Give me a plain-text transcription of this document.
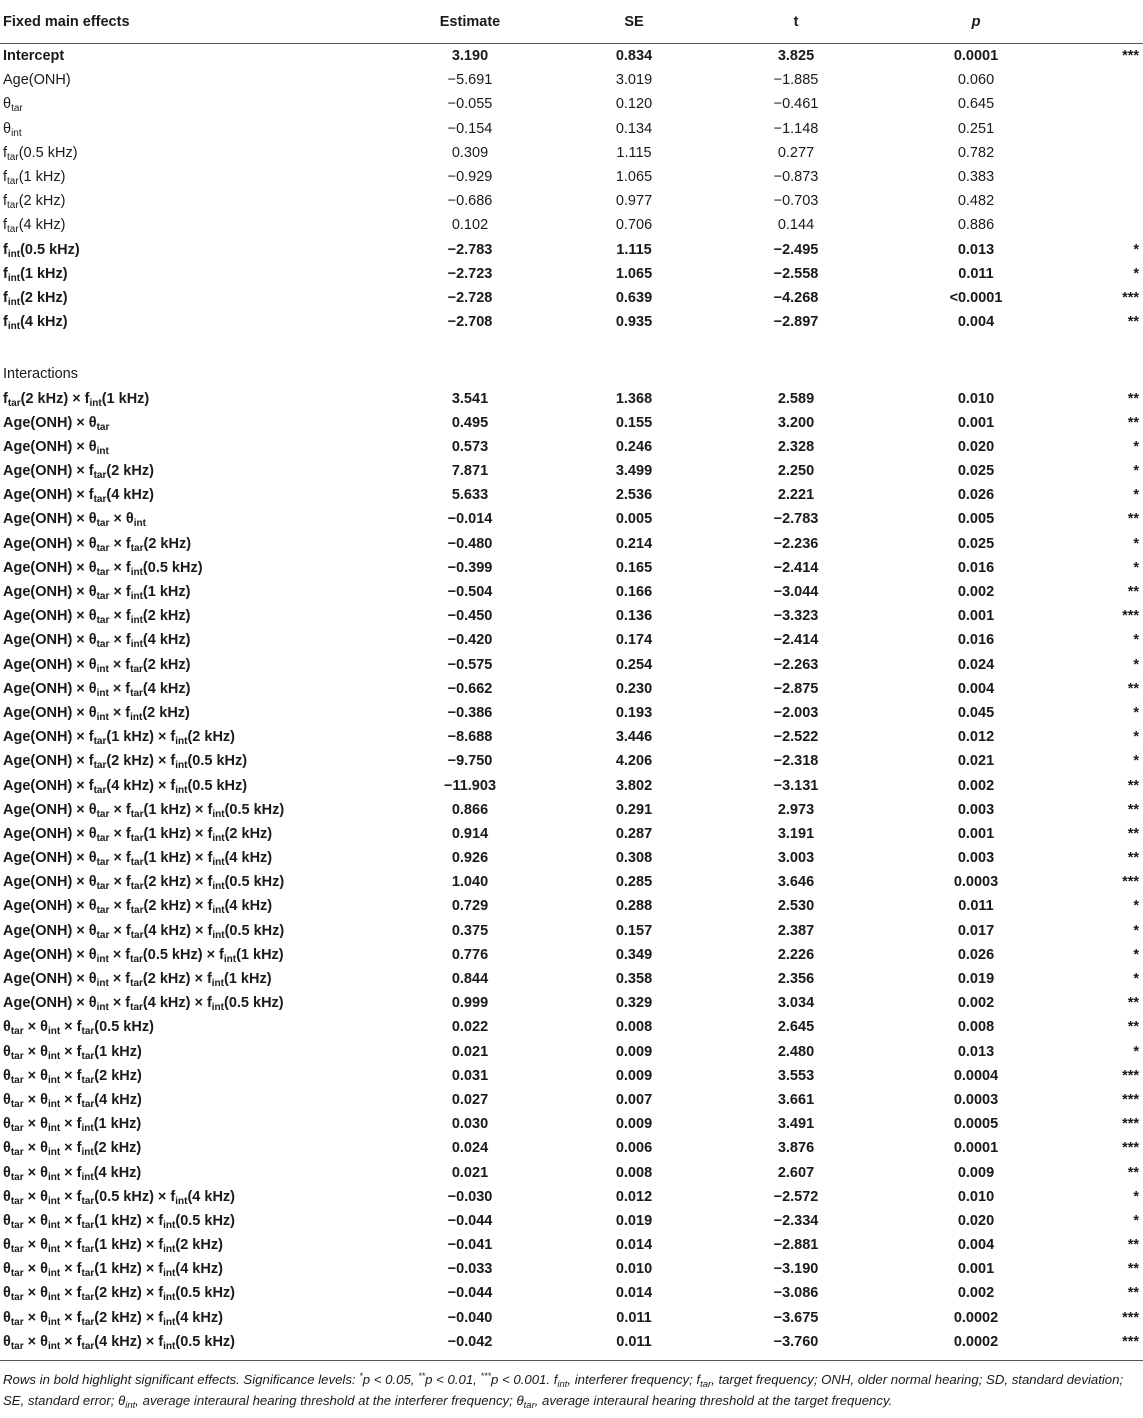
Fixed main effects	Estimate	SE	t	p	
Intercept	3.190	0.834	3.825	0.0001	***
Age(ONH)	−5.691	3.019	−1.885	0.060	
$\theta_{tar}$	−0.055	0.120	−0.461	0.645	
$\theta_{int}$	−0.154	0.134	−1.148	0.251	
$f_{tar}(0.5$ kHz)	0.309	1.115	0.277	0.782	
$f_{tar}(1$ kHz)	−0.929	1.065	−0.873	0.383	
$f_{tar}(2$ kHz)	−0.686	0.977	−0.703	0.482	
$f_{tar}(4$ kHz)	0.102	0.706	0.144	0.886	
$f_{int}(0.5$ kHz)	−2.783	1.115	−2.495	0.013	*
$f_{int}(1$ kHz)	−2.723	1.065	−2.558	0.011	*
$f_{int}(2$ kHz)	−2.728	0.639	−4.268	<0.0001	***
$f_{int}(4$ kHz)	−2.708	0.935	−2.897	0.004	**

Interactions					
$f_{tar}(2$ $kHz) \times f_{int}(1$ kHz)	3.541	1.368	2.589	0.010	**
$Age(ONH) \times \theta_{tar}$	0.495	0.155	3.200	0.001	**
$Age(ONH) \times \theta_{int}$	0.573	0.246	2.328	0.020	*
$Age(ONH) \times f_{tar}(2$ kHz)	7.871	3.499	2.250	0.025	*
$Age(ONH) \times f_{tar}(4$ kHz)	5.633	2.536	2.221	0.026	*
$Age(ONH) \times \theta_{tar} \times \theta_{int}$	−0.014	0.005	−2.783	0.005	**
$Age(ONH) \times \theta_{tar} \times f_{tar}(2$ kHz)	−0.480	0.214	−2.236	0.025	*
$Age(ONH) \times \theta_{tar} \times f_{int}(0.5$ kHz)	−0.399	0.165	−2.414	0.016	*
$Age(ONH) \times \theta_{tar} \times f_{int}(1$ kHz)	−0.504	0.166	−3.044	0.002	**
$Age(ONH) \times \theta_{tar} \times f_{int}(2$ kHz)	−0.450	0.136	−3.323	0.001	***
$Age(ONH) \times \theta_{tar} \times f_{int}(4$ kHz)	−0.420	0.174	−2.414	0.016	*
$Age(ONH) \times \theta_{int} \times f_{tar}(2$ kHz)	−0.575	0.254	−2.263	0.024	*
$Age(ONH) \times \theta_{int} \times f_{tar}(4$ kHz)	−0.662	0.230	−2.875	0.004	**
$Age(ONH) \times \theta_{int} \times f_{int}(2$ kHz)	−0.386	0.193	−2.003	0.045	*
$Age(ONH) \times f_{tar}(1$ $kHz) \times f_{int}(2$ kHz)	−8.688	3.446	−2.522	0.012	*
$Age(ONH) \times f_{tar}(2$ $kHz) \times f_{int}(0.5$ kHz)	−9.750	4.206	−2.318	0.021	*
$Age(ONH) \times f_{tar}(4$ $kHz) \times f_{int}(0.5$ kHz)	−11.903	3.802	−3.131	0.002	**
$Age(ONH) \times \theta_{tar} \times f_{tar}(1$ $kHz) \times f_{int}(0.5$ kHz)	0.866	0.291	2.973	0.003	**
$Age(ONH) \times \theta_{tar} \times f_{tar}(1$ $kHz) \times f_{int}(2$ kHz)	0.914	0.287	3.191	0.001	**
$Age(ONH) \times \theta_{tar} \times f_{tar}(1$ $kHz) \times f_{int}(4$ kHz)	0.926	0.308	3.003	0.003	**
$Age(ONH) \times \theta_{tar} \times f_{tar}(2$ $kHz) \times f_{int}(0.5$ kHz)	1.040	0.285	3.646	0.0003	***
$Age(ONH) \times \theta_{tar} \times f_{tar}(2$ $kHz) \times f_{int}(4$ kHz)	0.729	0.288	2.530	0.011	*
$Age(ONH) \times \theta_{tar} \times f_{tar}(4$ $kHz) \times f_{int}(0.5$ kHz)	0.375	0.157	2.387	0.017	*
$Age(ONH) \times \theta_{int} \times f_{tar}(0.5$ $kHz) \times f_{int}(1$ kHz)	0.776	0.349	2.226	0.026	*
$Age(ONH) \times \theta_{int} \times f_{tar}(2$ $kHz) \times f_{int}(1$ kHz)	0.844	0.358	2.356	0.019	*
$Age(ONH) \times \theta_{int} \times f_{tar}(4$ $kHz) \times f_{int}(0.5$ kHz)	0.999	0.329	3.034	0.002	**
$\theta_{tar} \times \theta_{int} \times f_{tar}(0.5$ kHz)	0.022	0.008	2.645	0.008	**
$\theta_{tar} \times \theta_{int} \times f_{tar}(1$ kHz)	0.021	0.009	2.480	0.013	*
$\theta_{tar} \times \theta_{int} \times f_{tar}(2$ kHz)	0.031	0.009	3.553	0.0004	***
$\theta_{tar} \times \theta_{int} \times f_{tar}(4$ kHz)	0.027	0.007	3.661	0.0003	***
$\theta_{tar} \times \theta_{int} \times f_{int}(1$ kHz)	0.030	0.009	3.491	0.0005	***
$\theta_{tar} \times \theta_{int} \times f_{int}(2$ kHz)	0.024	0.006	3.876	0.0001	***
$\theta_{tar} \times \theta_{int} \times f_{int}(4$ kHz)	0.021	0.008	2.607	0.009	**
$\theta_{tar} \times \theta_{int} \times f_{tar}(0.5$ $kHz) \times f_{int}(4$ kHz)	−0.030	0.012	−2.572	0.010	*
$\theta_{tar} \times \theta_{int} \times f_{tar}(1$ $kHz) \times f_{int}(0.5$ kHz)	−0.044	0.019	−2.334	0.020	*
$\theta_{tar} \times \theta_{int} \times f_{tar}(1$ $kHz) \times f_{int}(2$ kHz)	−0.041	0.014	−2.881	0.004	**
$\theta_{tar} \times \theta_{int} \times f_{tar}(1$ $kHz) \times f_{int}(4$ kHz)	−0.033	0.010	−3.190	0.001	**
$\theta_{tar} \times \theta_{int} \times f_{tar}(2$ $kHz) \times f_{int}(0.5$ kHz)	−0.044	0.014	−3.086	0.002	**
$\theta_{tar} \times \theta_{int} \times f_{tar}(2$ $kHz) \times f_{int}(4$ kHz)	−0.040	0.011	−3.675	0.0002	***
$\theta_{tar} \times \theta_{int} \times f_{tar}(4$ $kHz) \times f_{int}(0.5$ kHz)	−0.042	0.011	−3.760	0.0002	***
Rows in bold highlight significant effects. Significance levels: *p < 0.05, **p < 0.01, ***p < 0.001. $f_{int}$, interferer frequency; $f_{tar}$, target frequency; ONH, older normal hearing; SD, standard deviation; SE, standard error; $\theta_{int}$, average interaural hearing threshold at the interferer frequency; $\theta_{tar}$, average interaural hearing threshold at the target frequency.
